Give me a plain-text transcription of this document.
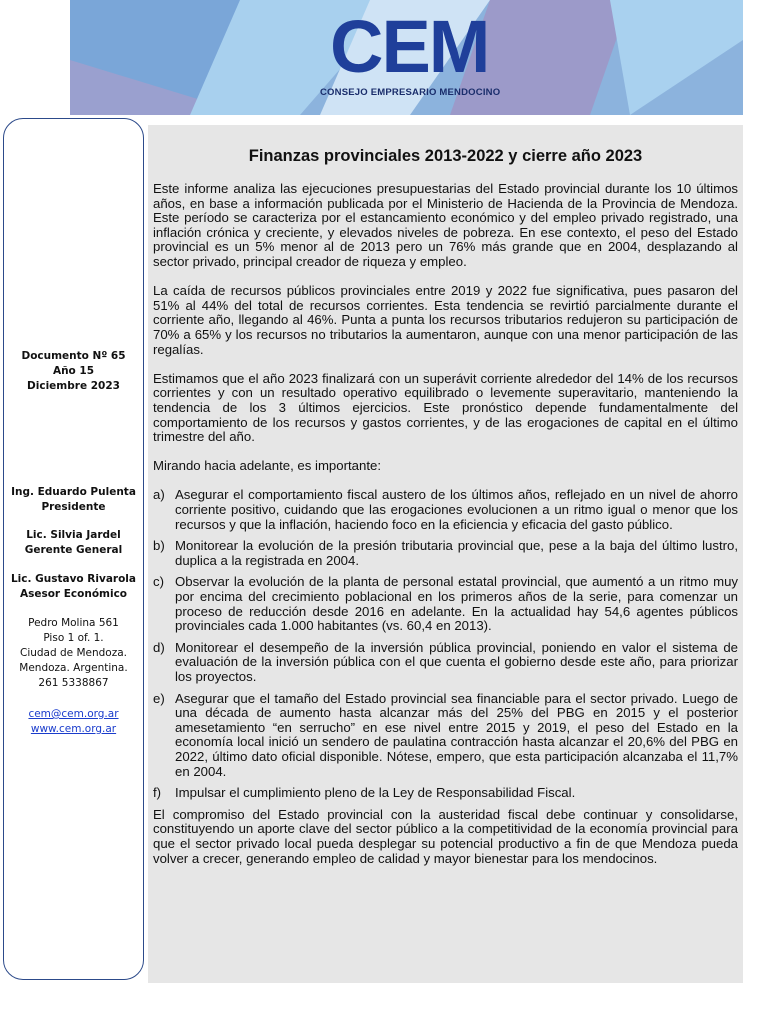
CEM
CONSEJO EMPRESARIO MENDOCINO
Documento Nº 65
Año 15
Diciembre 2023
Ing. Eduardo Pulenta
Presidente
Lic. Silvia Jardel
Gerente General
Lic. Gustavo Rivarola
Asesor Económico
Pedro Molina 561
Piso 1 of. 1.
Ciudad de Mendoza.
Mendoza. Argentina.
261 5338867
cem@cem.org.ar
www.cem.org.ar
Finanzas provinciales 2013-2022 y cierre año 2023

Este informe analiza las ejecuciones presupuestarias del Estado provincial durante los 10 últimos años, en base a información publicada por el Ministerio de Hacienda de la Provincia de Mendoza. Este período se caracteriza por el estancamiento económico y del empleo privado registrado, una inflación crónica y creciente, y elevados niveles de pobreza. En ese contexto, el peso del Estado provincial es un 5% menor al de 2013 pero un 76% más grande que en 2004, desplazando al sector privado, principal creador de riqueza y empleo.

La caída de recursos públicos provinciales entre 2019 y 2022 fue significativa, pues pasaron del 51% al 44% del total de recursos corrientes. Esta tendencia se revirtió parcialmente durante el corriente año, llegando al 46%. Punta a punta los recursos tributarios redujeron su participación de 70% a 65% y los recursos no tributarios la aumentaron, aunque con una menor participación de las regalías.

Estimamos que el año 2023 finalizará con un superávit corriente alrededor del 14% de los recursos corrientes y con un resultado operativo equilibrado o levemente superavitario, manteniendo la tendencia de los 3 últimos ejercicios. Este pronóstico depende fundamentalmente del comportamiento de los recursos y gastos corrientes, y de las erogaciones de capital en el último trimestre del año.

Mirando hacia adelante, es importante:

a) Asegurar el comportamiento fiscal austero de los últimos años, reflejado en un nivel de ahorro corriente positivo, cuidando que las erogaciones evolucionen a un ritmo igual o menor que los recursos y que la inflación, haciendo foco en la eficiencia y eficacia del gasto público.
b) Monitorear la evolución de la presión tributaria provincial que, pese a la baja del último lustro, duplica a la registrada en 2004.
c) Observar la evolución de la planta de personal estatal provincial, que aumentó a un ritmo muy por encima del crecimiento poblacional en los primeros años de la serie, para comenzar un proceso de reducción desde 2016 en adelante. En la actualidad hay 54,6 agentes públicos provinciales cada 1.000 habitantes (vs. 60,4 en 2013).
d) Monitorear el desempeño de la inversión pública provincial, poniendo en valor el sistema de evaluación de la inversión pública con el que cuenta el gobierno desde este año, para priorizar los proyectos.
e) Asegurar que el tamaño del Estado provincial sea financiable para el sector privado. Luego de una década de aumento hasta alcanzar más del 25% del PBG en 2015 y el posterior amesetamiento “en serrucho” en ese nivel entre 2015 y 2019, el peso del Estado en la economía local inició un sendero de paulatina contracción hasta alcanzar el 20,6% del PBG en 2022, último dato oficial disponible. Nótese, empero, que esta participación alcanzaba el 11,7% en 2004.
f) Impulsar el cumplimiento pleno de la Ley de Responsabilidad Fiscal.

El compromiso del Estado provincial con la austeridad fiscal debe continuar y consolidarse, constituyendo un aporte clave del sector público a la competitividad de la economía provincial para que el sector privado local pueda desplegar su potencial productivo a fin de que Mendoza pueda volver a crecer, generando empleo de calidad y mayor bienestar para los mendocinos.
